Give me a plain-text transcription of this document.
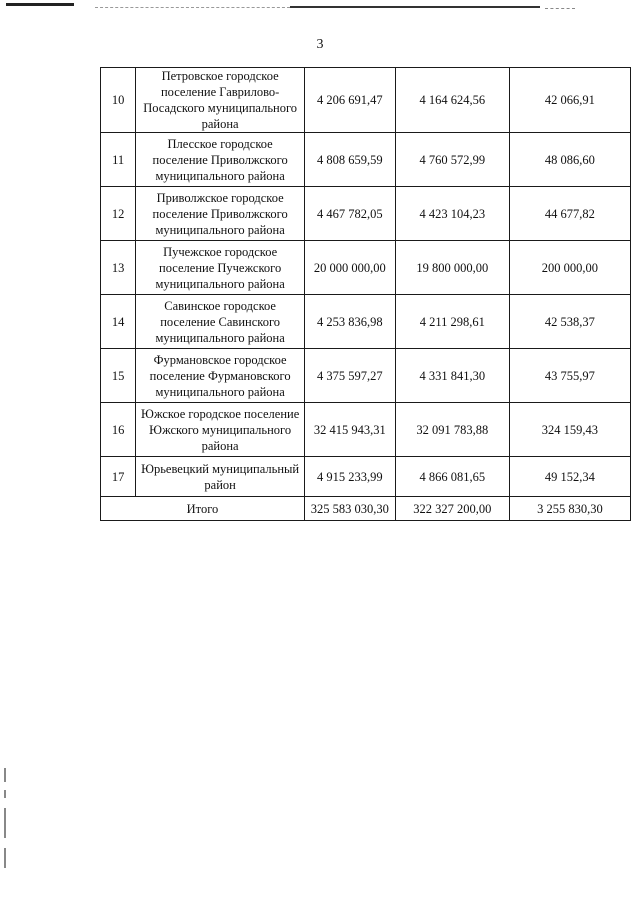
3
10	Петровское городское поселение Гаврилово-Посадского муниципального района	4 206 691,47	4 164 624,56	42 066,91
11	Плесское городское поселение Приволжского муниципального района	4 808 659,59	4 760 572,99	48 086,60
12	Приволжское городское поселение Приволжского муниципального района	4 467 782,05	4 423 104,23	44 677,82
13	Пучежское городское поселение Пучежского муниципального района	20 000 000,00	19 800 000,00	200 000,00
14	Савинское городское поселение Савинского муниципального района	4 253 836,98	4 211 298,61	42 538,37
15	Фурмановское городское поселение Фурмановского муниципального района	4 375 597,27	4 331 841,30	43 755,97
16	Южское городское поселение Южского муниципального района	32 415 943,31	32 091 783,88	324 159,43
17	Юрьевецкий муниципальный район	4 915 233,99	4 866 081,65	49 152,34
Итого		325 583 030,30	322 327 200,00	3 255 830,30
